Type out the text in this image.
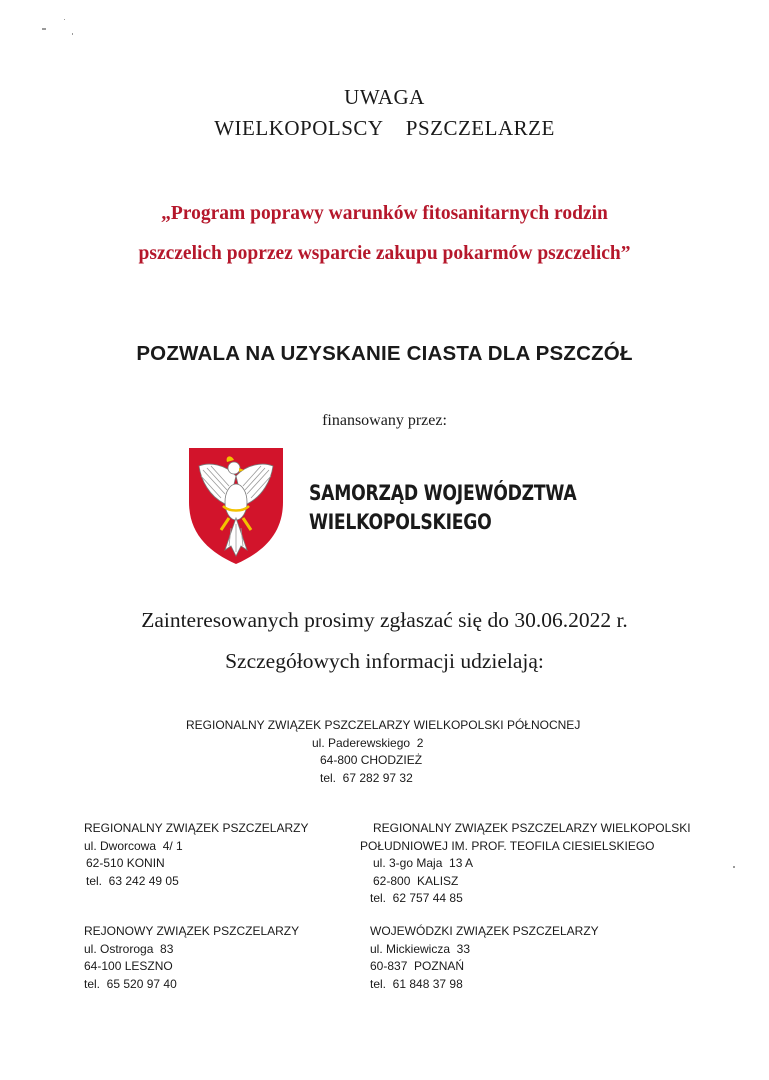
UWAGA
WIELKOPOLSCY    PSZCZELARZE
„Program poprawy warunków fitosanitarnych rodzin
pszczelich poprzez wsparcie zakupu pokarmów pszczelich”
POZWALA NA UZYSKANIE CIASTA DLA PSZCZÓŁ
finansowany przez:
SAMORZĄD WOJEWÓDZTWA
WIELKOPOLSKIEGO
Zainteresowanych prosimy zgłaszać się do 30.06.2022 r.
Szczegółowych informacji udzielają:
REGIONALNY ZWIĄZEK PSZCZELARZY WIELKOPOLSKI PÓŁNOCNEJ
ul. Paderewskiego  2
64-800 CHODZIEŻ
tel.  67 282 97 32
REGIONALNY ZWIĄZEK PSZCZELARZY
ul. Dworcowa  4/ 1
62-510 KONIN
tel.  63 242 49 05
REGIONALNY ZWIĄZEK PSZCZELARZY WIELKOPOLSKI
POŁUDNIOWEJ IM. PROF. TEOFILA CIESIELSKIEGO
ul. 3-go Maja  13 A
62-800  KALISZ
tel.  62 757 44 85
REJONOWY ZWIĄZEK PSZCZELARZY
ul. Ostroroga  83
64-100 LESZNO
tel.  65 520 97 40
WOJEWÓDZKI ZWIĄZEK PSZCZELARZY
ul. Mickiewicza  33
60-837  POZNAŃ
tel.  61 848 37 98
